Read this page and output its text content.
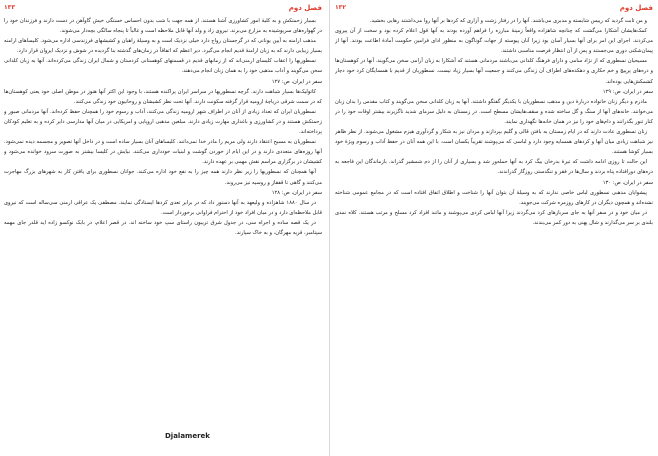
فصل دوم
۱۳۳

بسیار زحمتکش و به کلیهٔ امور کشاورزی آشنا هستند. از همه جهت با شب بدون احساس خستگی خیش گاوآهن در دست دارند و فرزندان خود را در گهواره‌های سرپوشیده به مزارع می‌برند. نیروی زاد و ولد آنها قابل ملاحظه است و غالباً تا پنجاه سالگی بچه‌دار می‌شوند.

مذهب ارامنه به آیین یونانی که در گرجستان رواج دارد خیلی نزدیک است و به وسیلهٔ راهبان و کشیشهای فرزندسی اداره می‌شود. کلیساهای ارامنه بسیار زیبایی دارند که به زبان ارامنهٔ قدیم انجام می‌گیرد. دیر اعظم که اتفاقاً در زمان‌های گذشته بنا گردیده در شوش و نزدیک ایروان قرار دارد.

نسطوریها را اعقاب کلیسای ارمنی‌اند که از زمانهای قدیم در قسمتهای کوهستانی کردستان و شمال ایران زندگی می‌کرده‌اند. آنها به زبان کلدانی سخن می‌گویند و آداب مذهبی خود را به همان زبان انجام می‌دهند.

سفر در ایران، ص: ۱۲۷

کاتولیک‌ها بسیار شباهت دارند. گرچه نسطوریها در سراسر ایران پراکنده هستند، با وجود این اکثر آنها هنوز در موطن اصلی خود یعنی کوهستان‌ها که در سمت شرقی دریاچهٔ ارومیه قرار گرفته سکونت دارند. آنها تحت نظر کشیشان و روحانیون خود زندگی می‌کنند.

نسطوریان ایران که تعداد زیادی از آنان در اطراف شهر ارومیه زندگی می‌کنند، آداب و رسوم خود را همچنان حفظ کرده‌اند. آنها مردمانی صبور و زحمتکش هستند و در کشاورزی و باغداری مهارت زیادی دارند. مبلغین مذهبی اروپایی و امریکایی در میان آنها مدارسی دایر کرده و به تعلیم کودکان پرداخته‌اند.

نسطوریان به مسیح اعتقاد دارند ولی مریم را مادر خدا نمی‌دانند. کلیساهای آنان بسیار ساده است و در داخل آنها تصویر و مجسمه دیده نمی‌شود. آنها روزه‌های متعددی دارند و در این ایام از خوردن گوشت و لبنیات خودداری می‌کنند. نیایش در کلیسا بیشتر به صورت سرود خوانده می‌شود و کشیشان در برگزاری مراسم نقش مهمی بر عهده دارند.

آنها همچنان که نسطوریها را زیر نظر دارند همه چیز را به نفع خود اداره می‌کنند. جوانان نسطوری برای یافتن کار به شهرهای بزرگ مهاجرت می‌کنند و گاهی تا قفقاز و روسیه نیز می‌روند.

سفر در ایران، ص: ۱۲۸

در سال ۱۸۸۰ شاهزاده و ولیعهد به آنها دستور داد که در برابر تعدی کردها ایستادگی نمایند. مصطفی یک عراقی ارمنی سی‌ساله است که نیروی قابل ملاحظه‌ای دارد و در میان افراد خود از احترام فراوانی برخوردار است.

در یک قصه ساده و اجراه سی، در جدول شرق تریبون راستای سپ خود ساخته اند. در قصر اعلام، در بابک نوکسو زاده اید قلدر جای مهمه سپتامبر، قریه مهرگان، و به خاک سپارند.

فصل دوم
۱۳۲

و من ثابت گردید که رییس شایسته و مدبری می‌باشند. آنها را در رفتار زشت و آزاری که کردها بر آنها روا می‌داشتند رهایی بخشید.

کمک‌هایشان آشکارا می‌گشت که چنانچه شاهزاده واقعاً زمینهٔ مبارزه را فراهم آورده بودند به آنها قول اعلام کرده بود و سخت از آن پیروی می‌کردند. اجرای این امر برای آنها بسیار آسان بود زیرا آنان پیوسته از جهات گوناگون به منظور ادای فرامین حکومت آمادهٔ اطاعت بودند. آنها از پیمان‌شکنی دوری می‌جستند و پس از آن انتظار فرصت مناسبی داشتند.

مسیحیان نسطوری که از نژاد سامی و دارای فرهنگ کلدانی می‌باشند مردمانی هستند که آشکارا به زبان آرامی سخن می‌گویند. آنها در کوهستان‌ها و دره‌های پرپیچ و خم حکاری و دهکده‌های اطراف آن زندگی می‌کنند و جمعیت آنها بسیار زیاد نیست. نسطوریان از قدیم با همسایگان کرد خود دچار کشمکش‌هایی بوده‌اند.

سفر در ایران، ص: ۱۲۹

مادرم و دیگر زنان خانواده دربارهٔ دین و مذهب نسطوریان با یکدیگر گفتگو داشتند. آنها به زبان کلدانی سخن می‌گویند و کتاب مقدس را بدان زبان می‌خوانند. خانه‌های آنها از سنگ و گل ساخته شده و سقف‌هایشان مسطح است. در زمستان به دلیل سرمای شدید ناگزیرند بیشتر اوقات خود را در کنار تنور بگذرانند و دام‌های خود را نیز در همان خانه‌ها نگهداری نمایند.

زنان نسطوری عادت دارند که در ایام زمستان به بافتن قالی و گلیم بپردازند و مردان نیز به شکار و گردآوری هیزم مشغول می‌شوند. از نظر ظاهر نیز شباهت زیادی میان آنها و کردهای همسایه وجود دارد و لباسی که می‌پوشند تقریباً یکسان است. با این همه آنان در حفظ آداب و رسوم ویژهٔ خود بسیار کوشا هستند.

این حالت تا روزی ادامه داشت که تیرهٔ بدرخان بیگ کرد به آنها حمله‌ور شد و بسیاری از آنان را از دم شمشیر گذراند. بازماندگان این فاجعه به دره‌های دورافتاده پناه بردند و سال‌ها در فقر و تنگدستی روزگار گذراندند.

سفر در ایران، ص: ۱۳۰

پیشوایان مذهبی نسطوری لباس خاصی ندارند که به وسیلهٔ آن بتوان آنها را شناخت و اطلاق اتفاق افتاده است که در مجامع عمومی شناخته نشده‌اند و همچون دیگران در کارهای روزمره شرکت می‌جویند.

در میان خود و در سفر آنها به جای سربازهای کرد می‌گردند زیرا آنها لباس کردی می‌پوشند و مانند افراد کرد مسلح و مرتب هستند. کلاه نمدی بلندی بر سر می‌گذارند و شال پهنی به دور کمر می‌بندند.

Djalamerek
